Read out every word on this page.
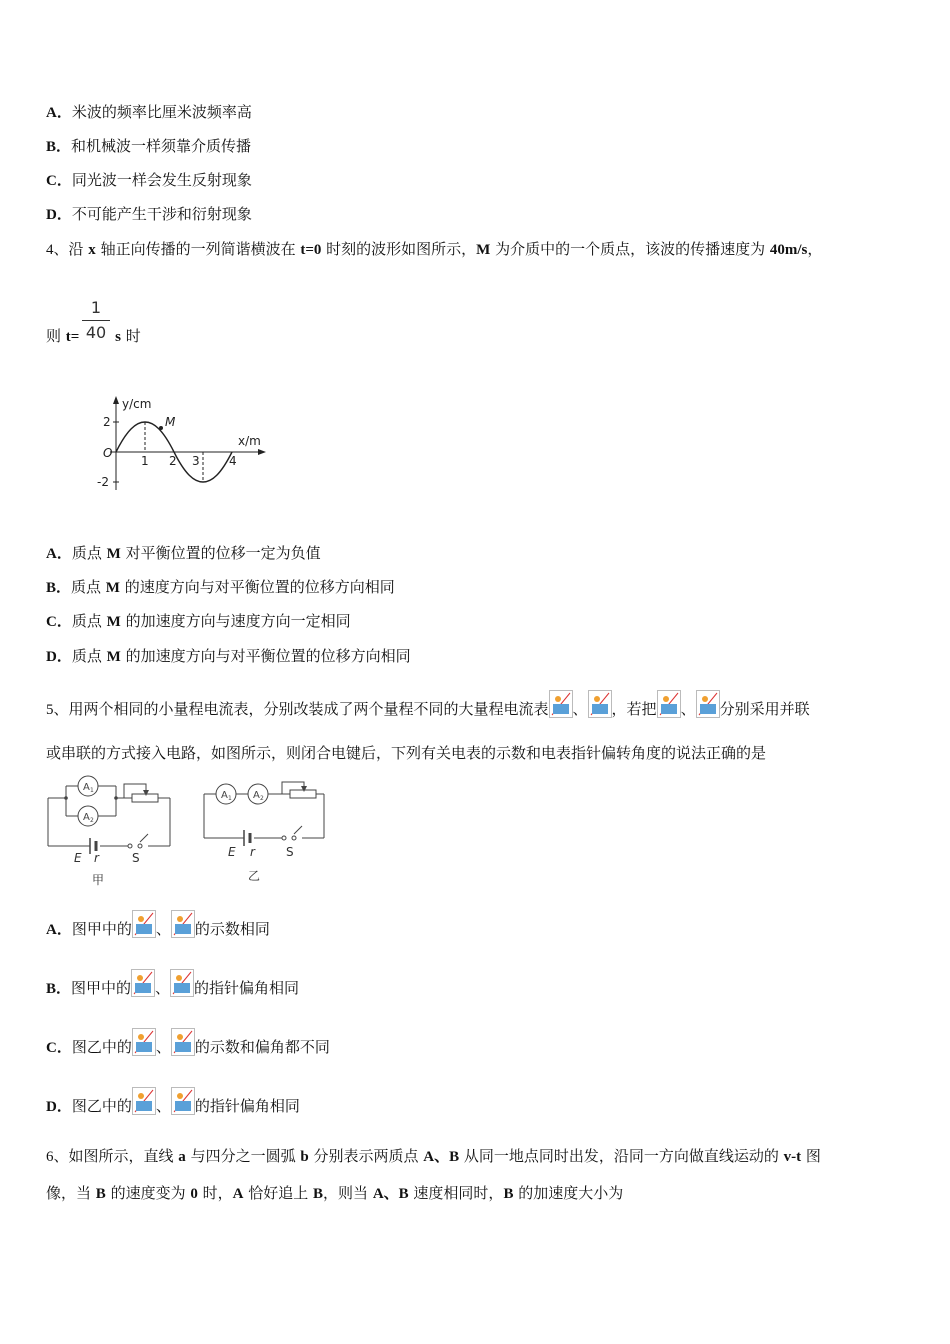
A．米波的频率比厘米波频率高
B．和机械波一样须靠介质传播
C．同光波一样会发生反射现象
D．不可能产生干涉和衍射现象
4、沿 x 轴正向传播的一列简谐横波在 t=0 时刻的波形如图所示，M 为介质中的一个质点，该波的传播速度为 40m/s，
则 t= s 时
1
40
M
y/cm
x/m
O
2
-2
1 2 3 4
A．质点 M 对平衡位置的位移一定为负值
B．质点 M 的速度方向与对平衡位置的位移方向相同
C．质点 M 的加速度方向与速度方向一定相同
D．质点 M 的加速度方向与对平衡位置的位移方向相同
5、用两个相同的小量程电流表，分别改装成了两个量程不同的大量程电流表 、 ，若把 、 分别采用并联
或串联的方式接入电路，如图所示，则闭合电键后，下列有关电表的示数和电表指针偏转角度的说法正确的是
A 1
A 2
E r	S
甲
A 1 A 2
E r	S
乙
A．图甲中的 、 的示数相同
B．图甲中的 、 的指针偏角相同
C．图乙中的 、 的示数和偏角都不同
D．图乙中的 、 的指针偏角相同
6、如图所示，直线 a 与四分之一圆弧 b 分别表示两质点 A、B 从同一地点同时出发，沿同一方向做直线运动的 v-t 图
像，当 B 的速度变为 0 时，A 恰好追上 B，则当 A、B 速度相同时，B 的加速度大小为
